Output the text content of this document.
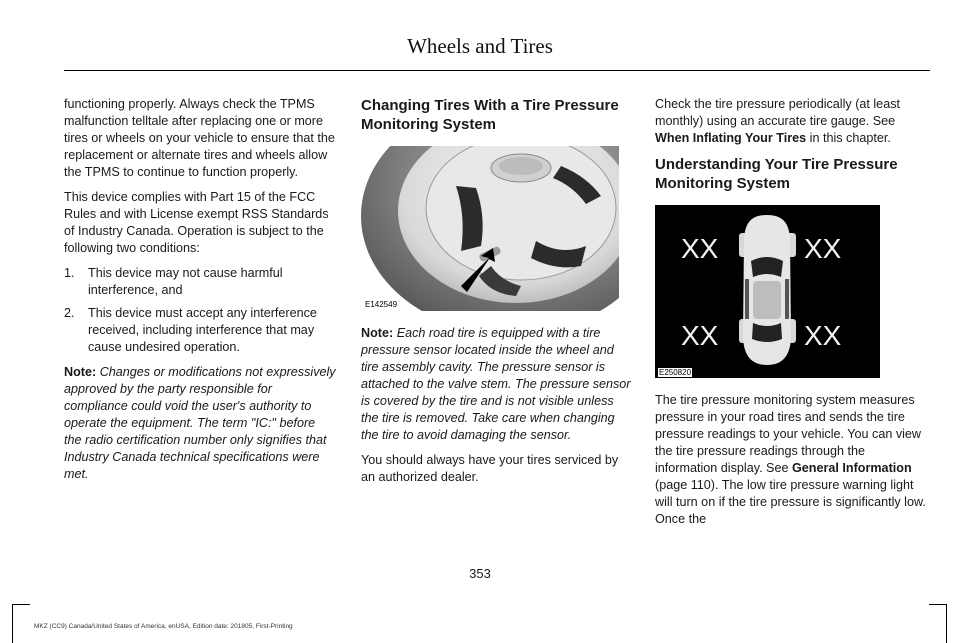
Wheels and Tires

functioning properly. Always check the TPMS malfunction telltale after replacing one or more tires or wheels on your vehicle to ensure that the replacement or alternate tires and wheels allow the TPMS to continue to function properly.

This device complies with Part 15 of the FCC Rules and with License exempt RSS Standards of Industry Canada. Operation is subject to the following two conditions:

1. This device may not cause harmful interference, and
2. This device must accept any interference received, including interference that may cause undesired operation.

Note: Changes or modifications not expressively approved by the party responsible for compliance could void the user's authority to operate the equipment. The term "IC:" before the radio certification number only signifies that Industry Canada technical specifications were met.

Changing Tires With a Tire Pressure Monitoring System
E142549

Note: Each road tire is equipped with a tire pressure sensor located inside the wheel and tire assembly cavity. The pressure sensor is attached to the valve stem. The pressure sensor is covered by the tire and is not visible unless the tire is removed. Take care when changing the tire to avoid damaging the sensor.

You should always have your tires serviced by an authorized dealer.

Check the tire pressure periodically (at least monthly) using an accurate tire gauge. See When Inflating Your Tires in this chapter.

Understanding Your Tire Pressure Monitoring System
XX	XX
XX	XX
E250820

The tire pressure monitoring system measures pressure in your road tires and sends the tire pressure readings to your vehicle. You can view the tire pressure readings through the information display. See General Information (page 110). The low tire pressure warning light will turn on if the tire pressure is significantly low. Once the

353
MKZ (CC9) Canada/United States of America, enUSA, Edition date: 201805, First-Printing
